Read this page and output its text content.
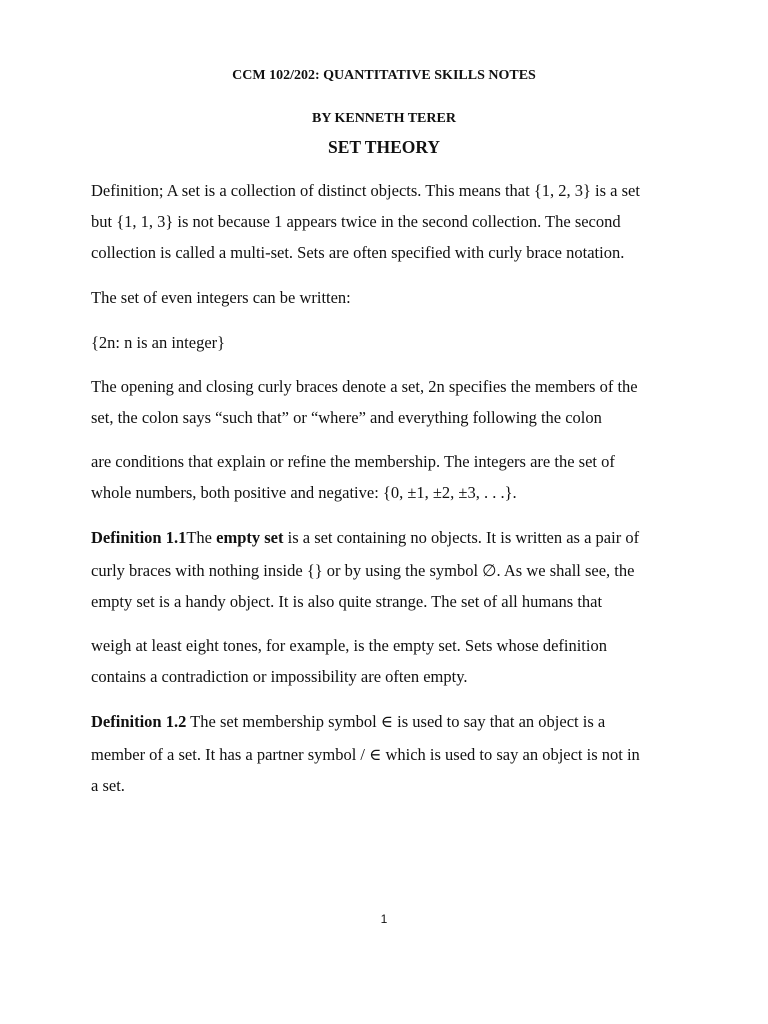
CCM 102/202: QUANTITATIVE SKILLS NOTES
BY KENNETH TERER
SET THEORY
Definition; A set is a collection of distinct objects. This means that {1, 2, 3} is a set
but {1, 1, 3} is not because 1 appears twice in the second collection. The second
collection is called a multi-set. Sets are often specified with curly brace notation.
The set of even integers can be written:
{2n: n is an integer}
The opening and closing curly braces denote a set, 2n specifies the members of the
set, the colon says “such that” or “where” and everything following the colon
are conditions that explain or refine the membership. The integers are the set of
whole numbers, both positive and negative: {0, ±1, ±2, ±3, . . .}.
Definition 1.1The empty set is a set containing no objects. It is written as a pair of
curly braces with nothing inside {} or by using the symbol ∅. As we shall see, the
empty set is a handy object. It is also quite strange. The set of all humans that
weigh at least eight tones, for example, is the empty set. Sets whose definition
contains a contradiction or impossibility are often empty.
Definition 1.2 The set membership symbol ∈ is used to say that an object is a
member of a set. It has a partner symbol / ∈ which is used to say an object is not in
a set.
1
